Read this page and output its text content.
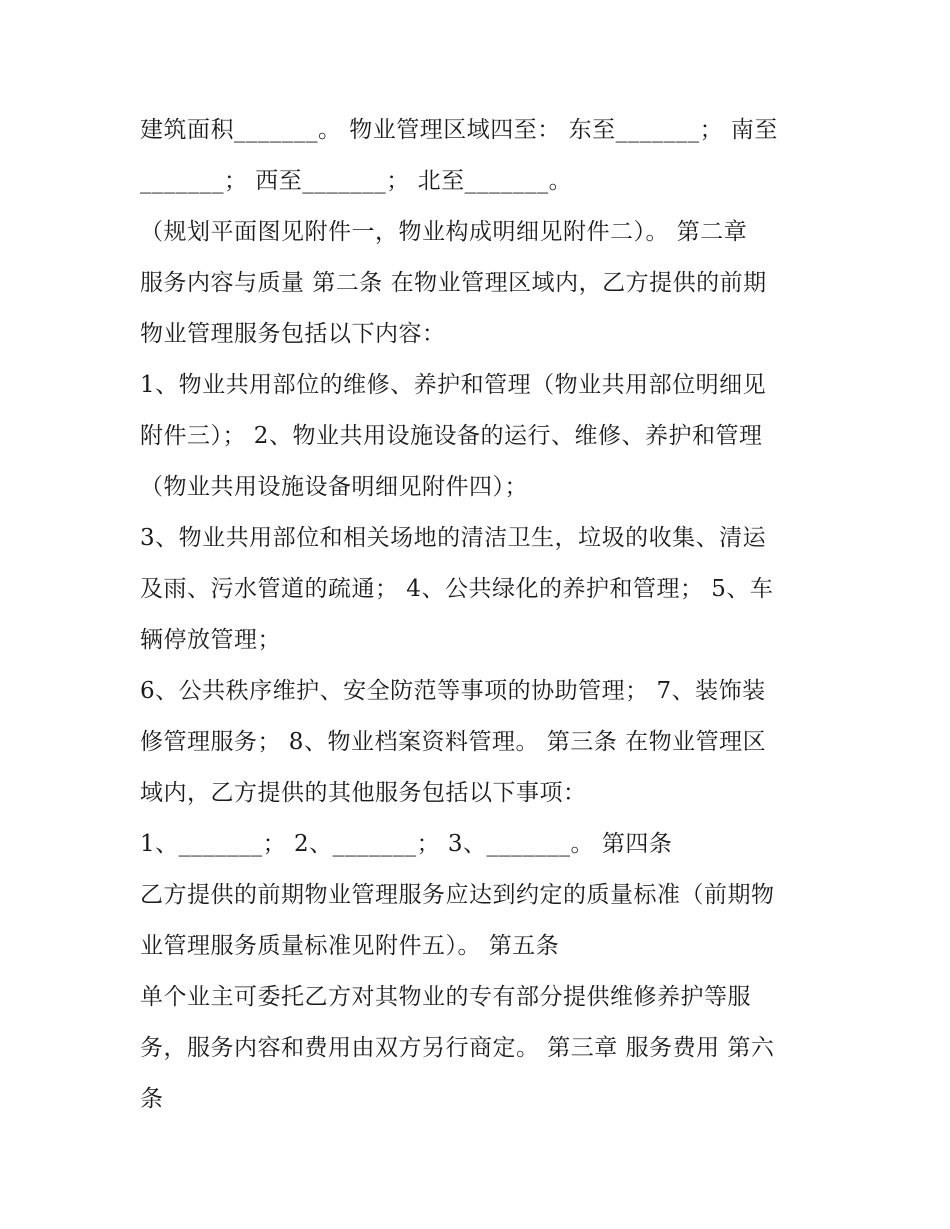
建筑面积_______。 物业管理区域四至： 东至_______； 南至
_______； 西至_______； 北至_______。
（规划平面图见附件一，物业构成明细见附件二）。 第二章
服务内容与质量 第二条 在物业管理区域内，乙方提供的前期
物业管理服务包括以下内容：
1、物业共用部位的维修、养护和管理（物业共用部位明细见
附件三）； 2、物业共用设施设备的运行、维修、养护和管理
（物业共用设施设备明细见附件四）；
3、物业共用部位和相关场地的清洁卫生，垃圾的收集、清运
及雨、污水管道的疏通； 4、公共绿化的养护和管理； 5、车
辆停放管理；
6、公共秩序维护、安全防范等事项的协助管理； 7、装饰装
修管理服务； 8、物业档案资料管理。 第三条 在物业管理区
域内，乙方提供的其他服务包括以下事项：
1、_______； 2、_______； 3、_______。 第四条
乙方提供的前期物业管理服务应达到约定的质量标准（前期物
业管理服务质量标准见附件五）。 第五条
单个业主可委托乙方对其物业的专有部分提供维修养护等服
务，服务内容和费用由双方另行商定。 第三章 服务费用 第六
条
